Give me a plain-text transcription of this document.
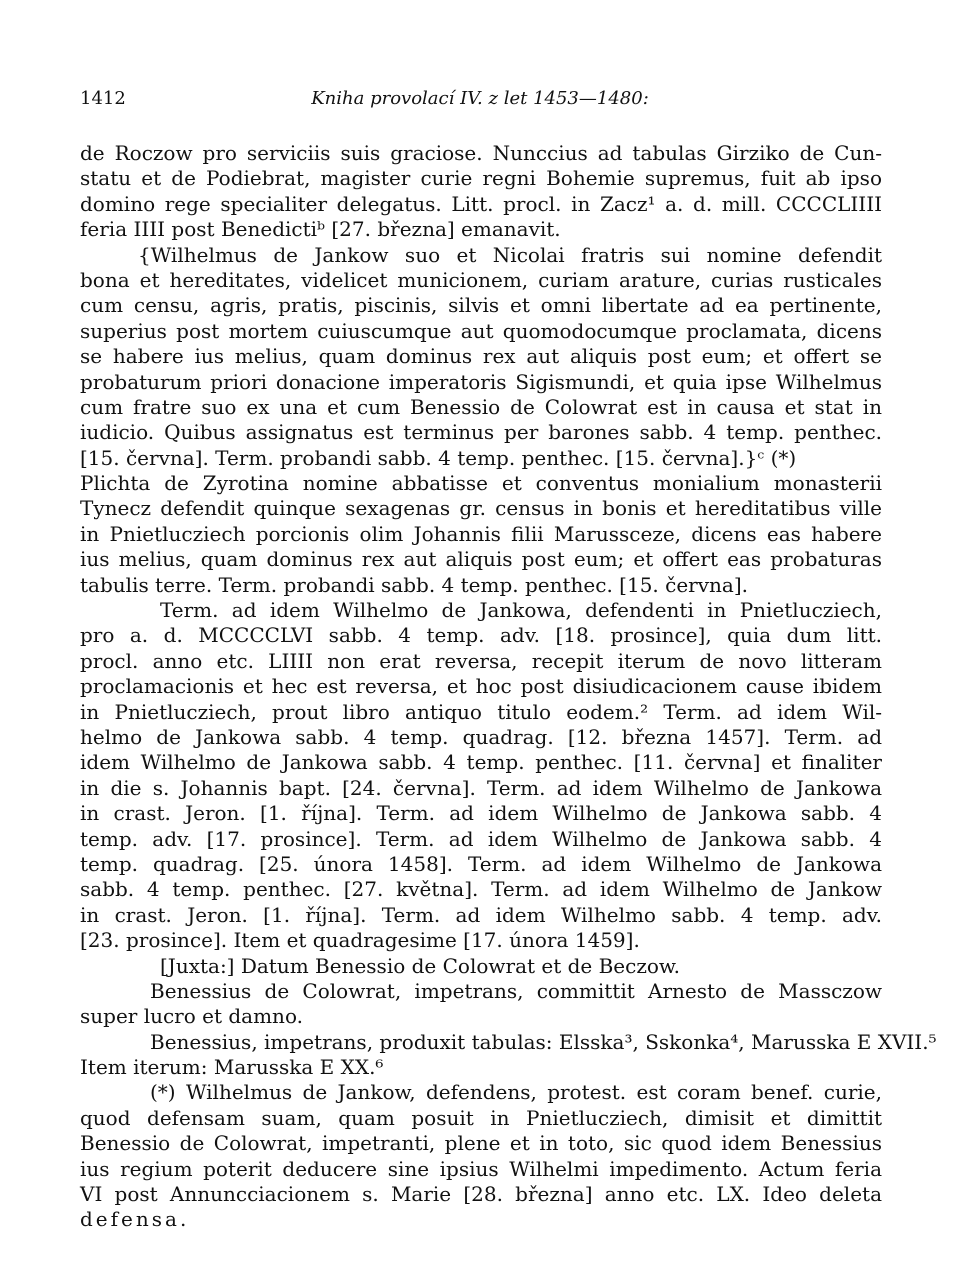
1412	Kniha provolací IV. z let 1453—1480:
de Roczow pro serviciis suis graciose. Nunccius ad tabulas Girziko de Cun-
statu et de Podiebrat, magister curie regni Bohemie supremus, fuit ab ipso
domino rege specialiter delegatus. Litt. procl. in Zacz¹ a. d. mill. CCCCLIIII
feria IIII post Benedictiᵇ [27. března] emanavit.
{Wilhelmus de Jankow suo et Nicolai fratris sui nomine defendit
bona et hereditates, videlicet municionem, curiam arature, curias rusticales
cum censu, agris, pratis, piscinis, silvis et omni libertate ad ea pertinente,
superius post mortem cuiuscumque aut quomodocumque proclamata, dicens
se habere ius melius, quam dominus rex aut aliquis post eum; et offert se
probaturum priori donacione imperatoris Sigismundi, et quia ipse Wilhelmus
cum fratre suo ex una et cum Benessio de Colowrat est in causa et stat in
iudicio. Quibus assignatus est terminus per barones sabb. 4 temp. penthec.
[15. června]. Term. probandi sabb. 4 temp. penthec. [15. června].}ᶜ (*)
Plichta de Zyrotina nomine abbatisse et conventus monialium monasterii
Tynecz defendit quinque sexagenas gr. census in bonis et hereditatibus ville
in Pnietlucziech porcionis olim Johannis filii Marussceze, dicens eas habere
ius melius, quam dominus rex aut aliquis post eum; et offert eas probaturas
tabulis terre. Term. probandi sabb. 4 temp. penthec. [15. června].
Term. ad idem Wilhelmo de Jankowa, defendenti in Pnietlucziech,
pro a. d. MCCCCLVI sabb. 4 temp. adv. [18. prosince], quia dum litt.
procl. anno etc. LIIII non erat reversa, recepit iterum de novo litteram
proclamacionis et hec est reversa, et hoc post disiudicacionem cause ibidem
in Pnietlucziech, prout libro antiquo titulo eodem.² Term. ad idem Wil-
helmo de Jankowa sabb. 4 temp. quadrag. [12. března 1457]. Term. ad
idem Wilhelmo de Jankowa sabb. 4 temp. penthec. [11. června] et finaliter
in die s. Johannis bapt. [24. června]. Term. ad idem Wilhelmo de Jankowa
in crast. Jeron. [1. října]. Term. ad idem Wilhelmo de Jankowa sabb. 4
temp. adv. [17. prosince]. Term. ad idem Wilhelmo de Jankowa sabb. 4
temp. quadrag. [25. února 1458]. Term. ad idem Wilhelmo de Jankowa
sabb. 4 temp. penthec. [27. května]. Term. ad idem Wilhelmo de Jankow
in crast. Jeron. [1. října]. Term. ad idem Wilhelmo sabb. 4 temp. adv.
[23. prosince]. Item et quadragesime [17. února 1459].
[Juxta:] Datum Benessio de Colowrat et de Beczow.
Benessius de Colowrat, impetrans, committit Arnesto de Massczow
super lucro et damno.
Benessius, impetrans, produxit tabulas: Elsska³, Sskonka⁴, Marusska E XVII.⁵
Item iterum: Marusska E XX.⁶
(*) Wilhelmus de Jankow, defendens, protest. est coram benef. curie,
quod defensam suam, quam posuit in Pnietlucziech, dimisit et dimittit
Benessio de Colowrat, impetranti, plene et in toto, sic quod idem Benessius
ius regium poterit deducere sine ipsius Wilhelmi impedimento. Actum feria
VI post Annuncciacionem s. Marie [28. března] anno etc. LX. Ideo deleta
defensa.
